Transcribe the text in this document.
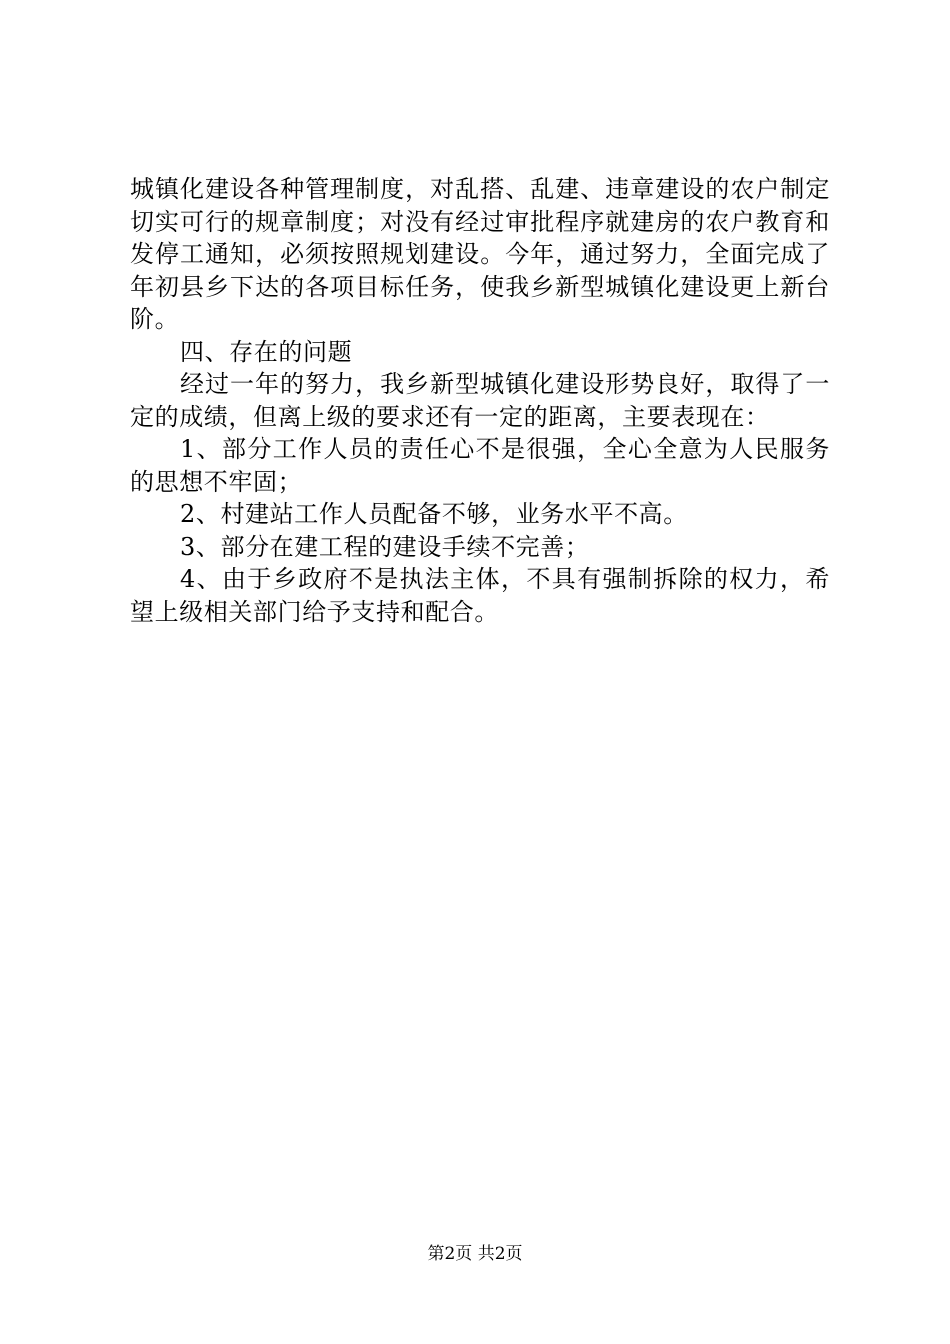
城镇化建设各种管理制度，对乱搭、乱建、违章建设的农户制定切实可行的规章制度；对没有经过审批程序就建房的农户教育和发停工通知，必须按照规划建设。今年，通过努力，全面完成了年初县乡下达的各项目标任务，使我乡新型城镇化建设更上新台阶。

四、存在的问题

经过一年的努力，我乡新型城镇化建设形势良好，取得了一定的成绩，但离上级的要求还有一定的距离，主要表现在：

1、部分工作人员的责任心不是很强，全心全意为人民服务的思想不牢固；

2、村建站工作人员配备不够，业务水平不高。

3、部分在建工程的建设手续不完善；

4、由于乡政府不是执法主体，不具有强制拆除的权力，希望上级相关部门给予支持和配合。

第2页 共2页
